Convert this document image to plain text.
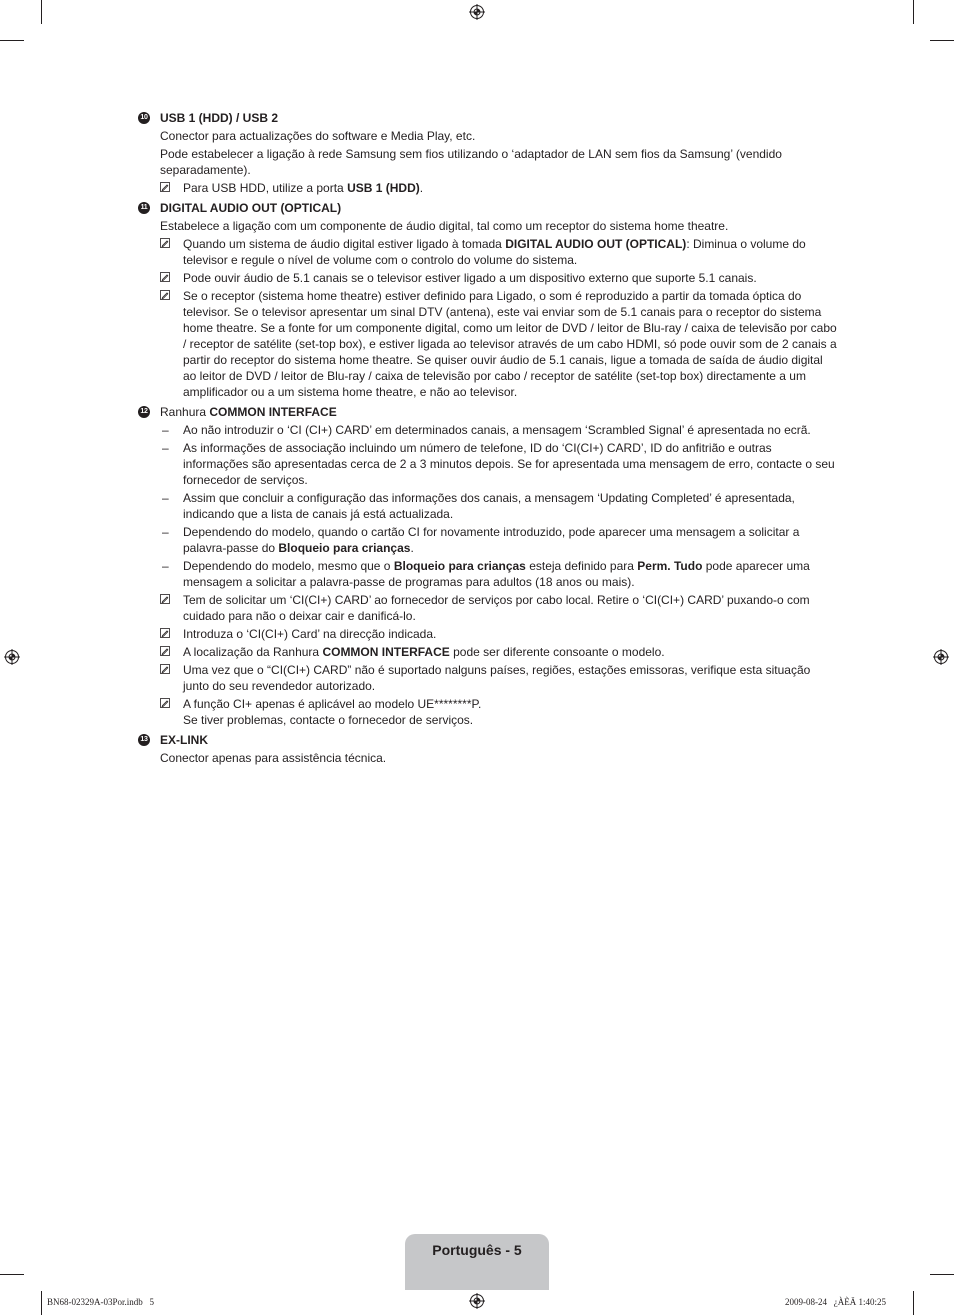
10 USB 1 (HDD) / USB 2
Conector para actualizações do software e Media Play, etc.
Pode estabelecer a ligação à rede Samsung sem fios utilizando o ‘adaptador de LAN sem fios da Samsung’ (vendido separadamente).
Para USB HDD, utilize a porta USB 1 (HDD).
11 DIGITAL AUDIO OUT (OPTICAL)
Estabelece a ligação com um componente de áudio digital, tal como um receptor do sistema home theatre.
Quando um sistema de áudio digital estiver ligado à tomada DIGITAL AUDIO OUT (OPTICAL): Diminua o volume do televisor e regule o nível de volume com o controlo do volume do sistema.
Pode ouvir áudio de 5.1 canais se o televisor estiver ligado a um dispositivo externo que suporte 5.1 canais.
Se o receptor (sistema home theatre) estiver definido para Ligado, o som é reproduzido a partir da tomada óptica do televisor. Se o televisor apresentar um sinal DTV (antena), este vai enviar som de 5.1 canais para o receptor do sistema home theatre. Se a fonte for um componente digital, como um leitor de DVD / leitor de Blu-ray / caixa de televisão por cabo / receptor de satélite (set-top box), e estiver ligada ao televisor através de um cabo HDMI, só pode ouvir som de 2 canais a partir do receptor do sistema home theatre. Se quiser ouvir áudio de 5.1 canais, ligue a tomada de saída de áudio digital ao leitor de DVD / leitor de Blu-ray / caixa de televisão por cabo / receptor de satélite (set-top box) directamente a um amplificador ou a um sistema home theatre, e não ao televisor.
12 Ranhura COMMON INTERFACE
– Ao não introduzir o ‘CI (CI+) CARD’ em determinados canais, a mensagem ‘Scrambled Signal’ é apresentada no ecrã.
– As informações de associação incluindo um número de telefone, ID do ‘CI(CI+) CARD’, ID do anfitrião e outras informações são apresentadas cerca de 2 a 3 minutos depois. Se for apresentada uma mensagem de erro, contacte o seu fornecedor de serviços.
– Assim que concluir a configuração das informações dos canais, a mensagem ‘Updating Completed’ é apresentada, indicando que a lista de canais já está actualizada.
– Dependendo do modelo, quando o cartão CI for novamente introduzido, pode aparecer uma mensagem a solicitar a palavra-passe do Bloqueio para crianças.
– Dependendo do modelo, mesmo que o Bloqueio para crianças esteja definido para Perm. Tudo pode aparecer uma mensagem a solicitar a palavra-passe de programas para adultos (18 anos ou mais).
Tem de solicitar um ‘CI(CI+) CARD’ ao fornecedor de serviços por cabo local. Retire o ‘CI(CI+) CARD’ puxando-o com cuidado para não o deixar cair e danificá-lo.
Introduza o ‘CI(CI+) Card’ na direcção indicada.
A localização da Ranhura COMMON INTERFACE pode ser diferente consoante o modelo.
Uma vez que o “CI(CI+) CARD” não é suportado nalguns países, regiões, estações emissoras, verifique esta situação junto do seu revendedor autorizado.
A função CI+ apenas é aplicável ao modelo UE********P.
Se tiver problemas, contacte o fornecedor de serviços.
13 EX-LINK
Conector apenas para assistência técnica.
Português - 5
BN68-02329A-03Por.indb   5	2009-08-24   ¿ÀÈÄ 1:40:25
